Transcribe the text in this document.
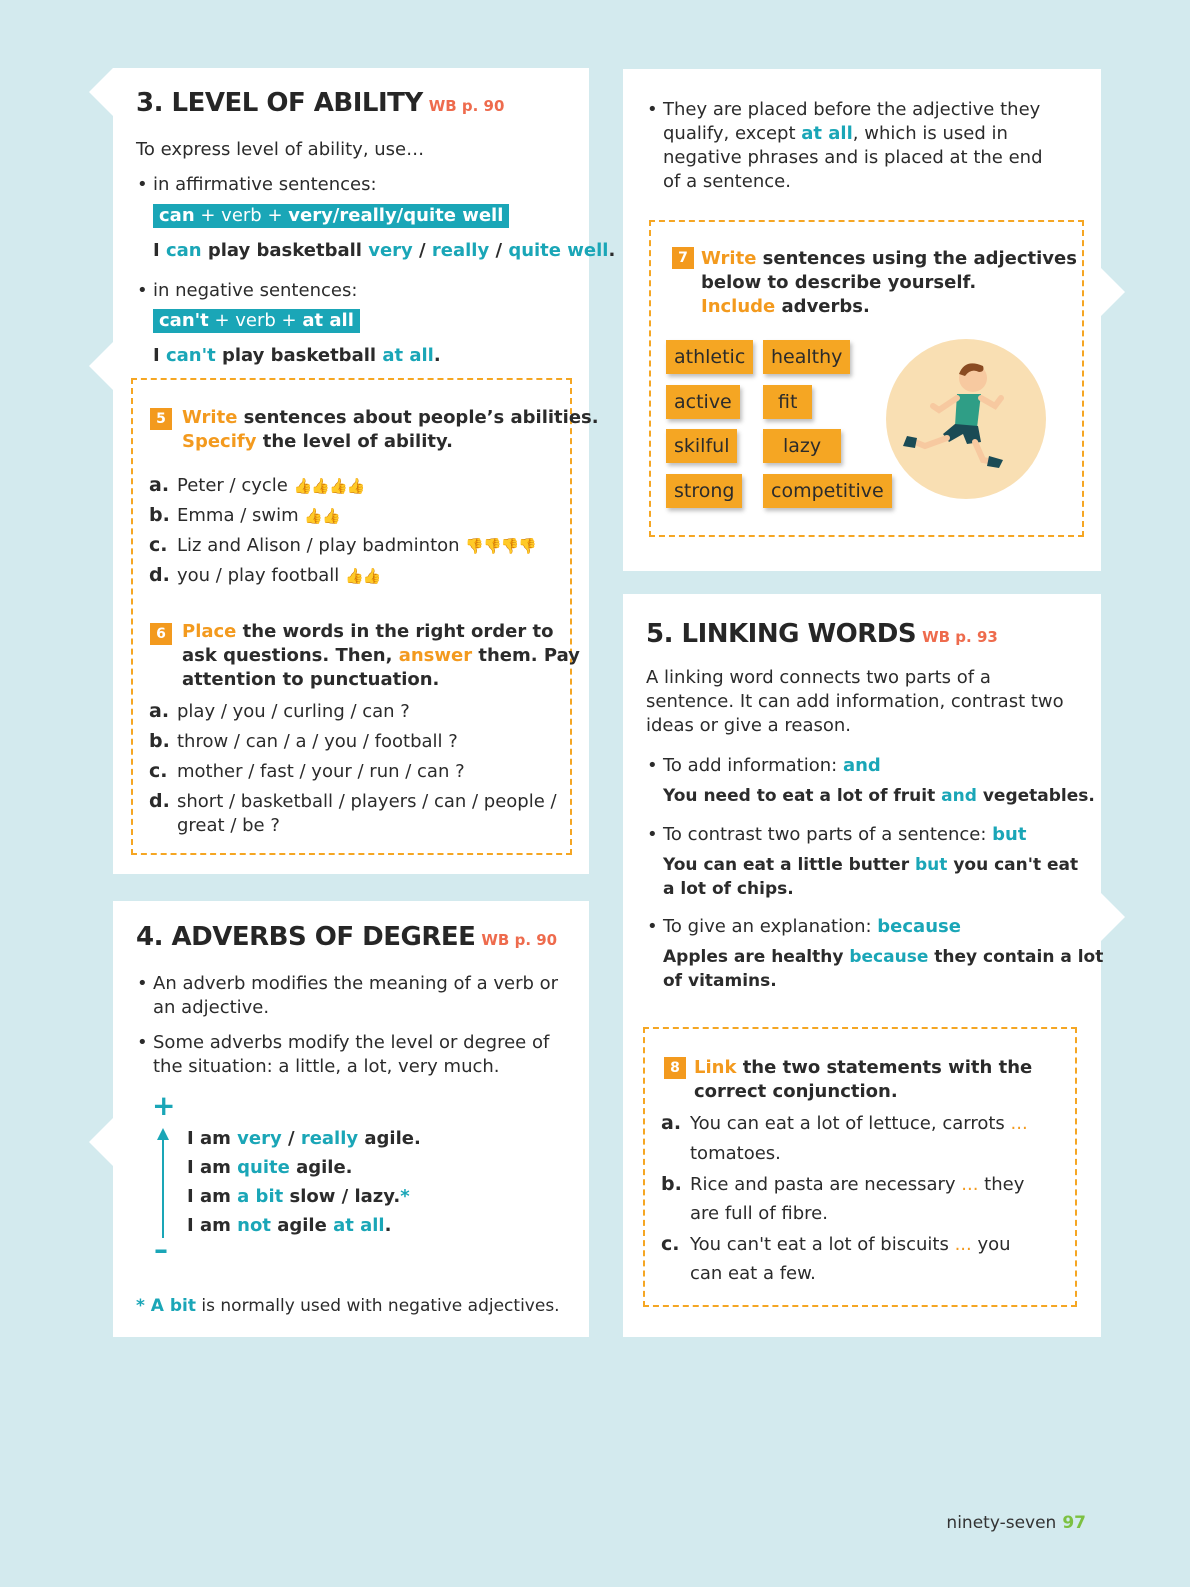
3. LEVEL OF ABILITY WB p. 90
To express level of ability, use…
• in affirmative sentences:
can + verb + very/really/quite well
I can play basketball very / really / quite well.
• in negative sentences:
can't + verb + at all
I can't play basketball at all.
5 Write sentences about people’s abilities.
Specify the level of ability.
a. Peter / cycle 👍👍👍👍
b. Emma / swim 👍👍
c. Liz and Alison / play badminton 👎👎👎👎
d. you / play football 👍👍
6 Place the words in the right order to
ask questions. Then, answer them. Pay
attention to punctuation.
a. play / you / curling / can ?
b. throw / can / a / you / football ?
c. mother / fast / your / run / can ?
d. short / basketball / players / can / people /
great / be ?
4. ADVERBS OF DEGREE WB p. 90
• An adverb modifies the meaning of a verb or
an adjective.
• Some adverbs modify the level or degree of
the situation: a little, a lot, very much.
+
–
I am very / really agile.
I am quite agile.
I am a bit slow / lazy.*
I am not agile at all.
* A bit is normally used with negative adjectives.
• They are placed before the adjective they
qualify, except at all, which is used in
negative phrases and is placed at the end
of a sentence.
7 Write sentences using the adjectives
below to describe yourself.
Include adverbs.
athletic	healthy
active	fit
skilful	lazy
strong	competitive
5. LINKING WORDS WB p. 93
A linking word connects two parts of a
sentence. It can add information, contrast two
ideas or give a reason.
• To add information: and
You need to eat a lot of fruit and vegetables.
• To contrast two parts of a sentence: but
You can eat a little butter but you can't eat
a lot of chips.
• To give an explanation: because
Apples are healthy because they contain a lot
of vitamins.
8 Link the two statements with the
correct conjunction.
a. You can eat a lot of lettuce, carrots ...
tomatoes.
b. Rice and pasta are necessary ... they
are full of fibre.
c. You can't eat a lot of biscuits ... you
can eat a few.
ninety-seven 97
